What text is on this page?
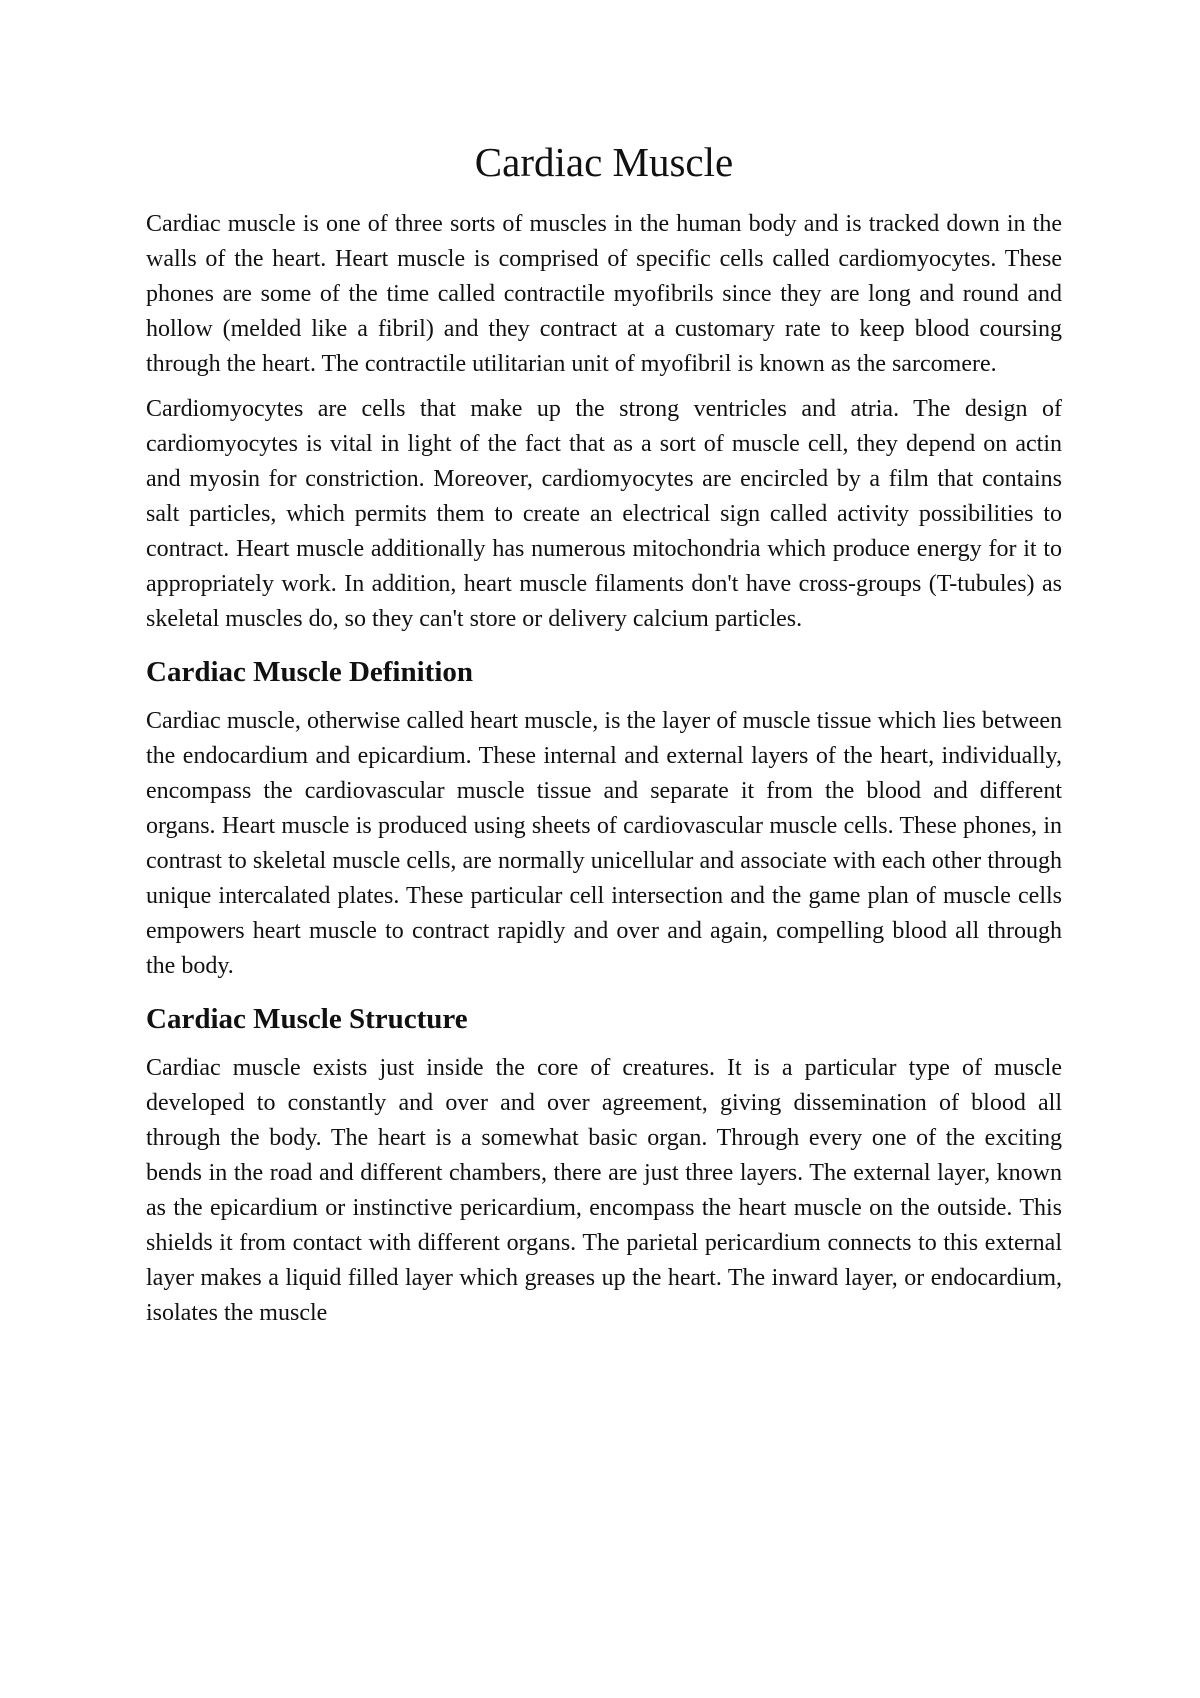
Cardiac Muscle

Cardiac muscle is one of three sorts of muscles in the human body and is tracked down in the walls of the heart. Heart muscle is comprised of specific cells called cardiomyocytes. These phones are some of the time called contractile myofibrils since they are long and round and hollow (melded like a fibril) and they contract at a customary rate to keep blood coursing through the heart. The contractile utilitarian unit of myofibril is known as the sarcomere.

Cardiomyocytes are cells that make up the strong ventricles and atria. The design of cardiomyocytes is vital in light of the fact that as a sort of muscle cell, they depend on actin and myosin for constriction. Moreover, cardiomyocytes are encircled by a film that contains salt particles, which permits them to create an electrical sign called activity possibilities to contract. Heart muscle additionally has numerous mitochondria which produce energy for it to appropriately work. In addition, heart muscle filaments don't have cross-groups (T-tubules) as skeletal muscles do, so they can't store or delivery calcium particles.

Cardiac Muscle Definition

Cardiac muscle, otherwise called heart muscle, is the layer of muscle tissue which lies between the endocardium and epicardium. These internal and external layers of the heart, individually, encompass the cardiovascular muscle tissue and separate it from the blood and different organs. Heart muscle is produced using sheets of cardiovascular muscle cells. These phones, in contrast to skeletal muscle cells, are normally unicellular and associate with each other through unique intercalated plates. These particular cell intersection and the game plan of muscle cells empowers heart muscle to contract rapidly and over and again, compelling blood all through the body.

Cardiac Muscle Structure

Cardiac muscle exists just inside the core of creatures. It is a particular type of muscle developed to constantly and over and over agreement, giving dissemination of blood all through the body. The heart is a somewhat basic organ. Through every one of the exciting bends in the road and different chambers, there are just three layers. The external layer, known as the epicardium or instinctive pericardium, encompass the heart muscle on the outside. This shields it from contact with different organs. The parietal pericardium connects to this external layer makes a liquid filled layer which greases up the heart. The inward layer, or endocardium, isolates the muscle
